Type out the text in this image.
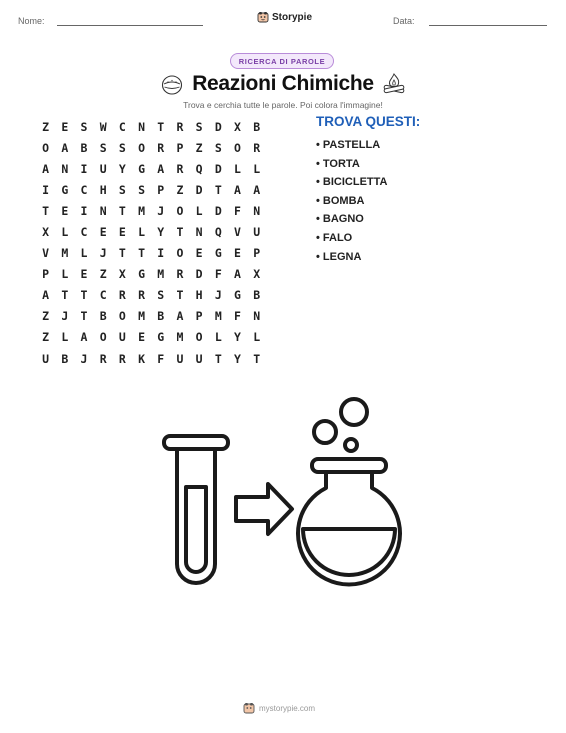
Nome:	Storypie	Data:
RICERCA DI PAROLE
Reazioni Chimiche
Trova e cerchia tutte le parole. Poi colora l'immagine!
Z	E	S	W	C	N	T	R	S	D	X	B
O	A	B	S	S	O	R	P	Z	S	O	R
A	N	I	U	Y	G	A	R	Q	D	L	L
I	G	C	H	S	S	P	Z	D	T	A	A
T	E	I	N	T	M	J	O	L	D	F	N
X	L	C	E	E	L	Y	T	N	Q	V	U
V	M	L	J	T	T	I	O	E	G	E	P
P	L	E	Z	X	G	M	R	D	F	A	X
A	T	T	C	R	R	S	T	H	J	G	B
Z	J	T	B	O	M	B	A	P	M	F	N
Z	L	A	O	U	E	G	M	O	L	Y	L
U	B	J	R	R	K	F	U	U	T	Y	T
TROVA QUESTI:
• PASTELLA
• TORTA
• BICICLETTA
• BOMBA
• BAGNO
• FALO
• LEGNA
mystorypie.com
